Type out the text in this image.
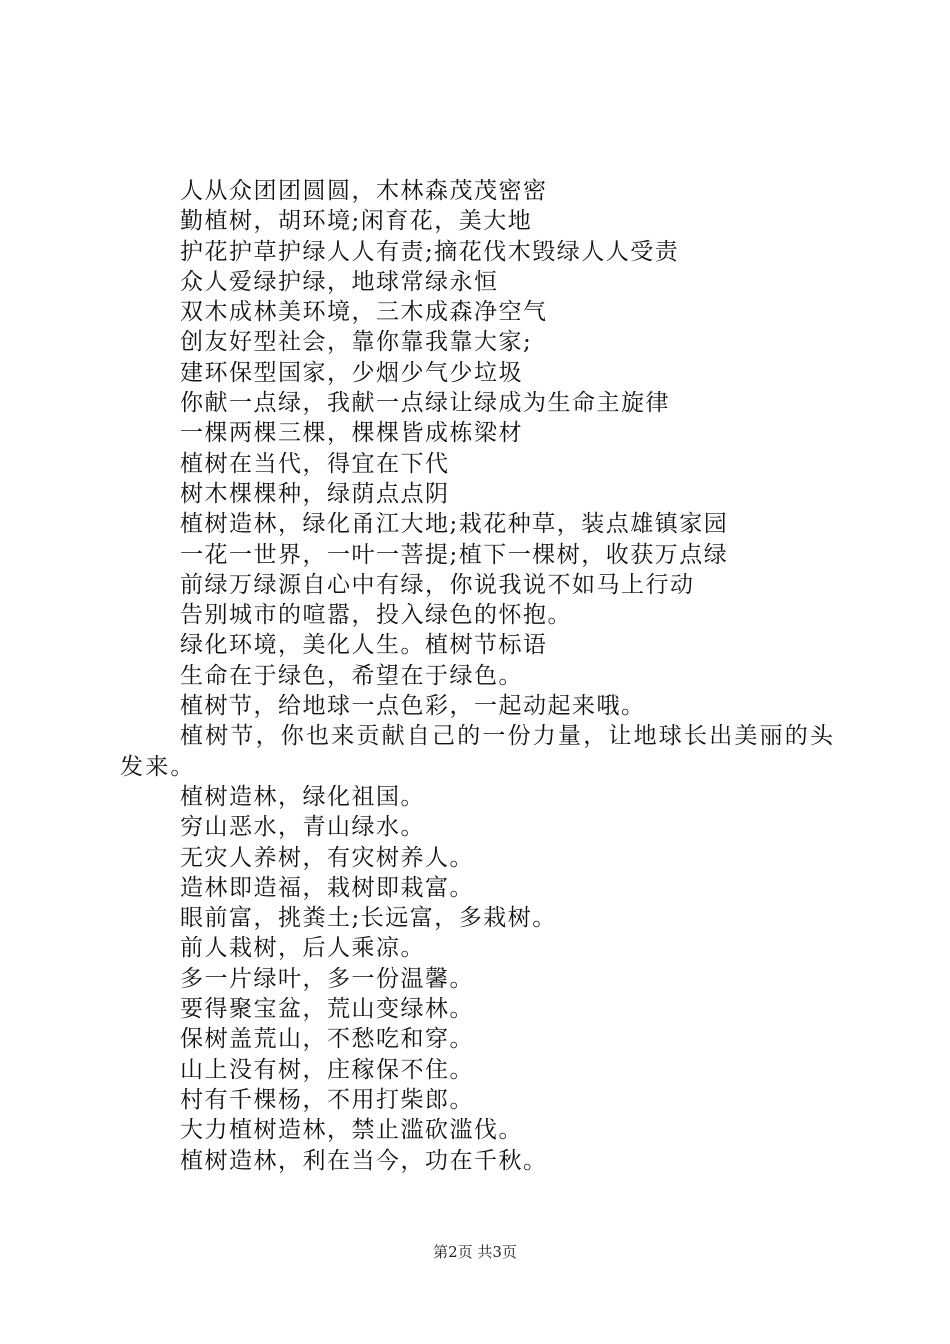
人从众团团圆圆，木林森茂茂密密
勤植树，胡环境;闲育花，美大地
护花护草护绿人人有责;摘花伐木毁绿人人受责
众人爱绿护绿，地球常绿永恒
双木成林美环境，三木成森净空气
创友好型社会，靠你靠我靠大家;
建环保型国家，少烟少气少垃圾
你献一点绿，我献一点绿让绿成为生命主旋律
一棵两棵三棵，棵棵皆成栋梁材
植树在当代，得宜在下代
树木棵棵种，绿荫点点阴
植树造林，绿化甬江大地;栽花种草，装点雄镇家园
一花一世界，一叶一菩提;植下一棵树，收获万点绿
前绿万绿源自心中有绿，你说我说不如马上行动
告别城市的喧嚣，投入绿色的怀抱。
绿化环境，美化人生。植树节标语
生命在于绿色，希望在于绿色。
植树节，给地球一点色彩，一起动起来哦。
植树节，你也来贡献自己的一份力量，让地球长出美丽的头发来。
植树造林，绿化祖国。
穷山恶水，青山绿水。
无灾人养树，有灾树养人。
造林即造福，栽树即栽富。
眼前富，挑粪土;长远富，多栽树。
前人栽树，后人乘凉。
多一片绿叶，多一份温馨。
要得聚宝盆，荒山变绿林。
保树盖荒山，不愁吃和穿。
山上没有树，庄稼保不住。
村有千棵杨，不用打柴郎。
大力植树造林，禁止滥砍滥伐。
植树造林，利在当今，功在千秋。
第2页 共3页
